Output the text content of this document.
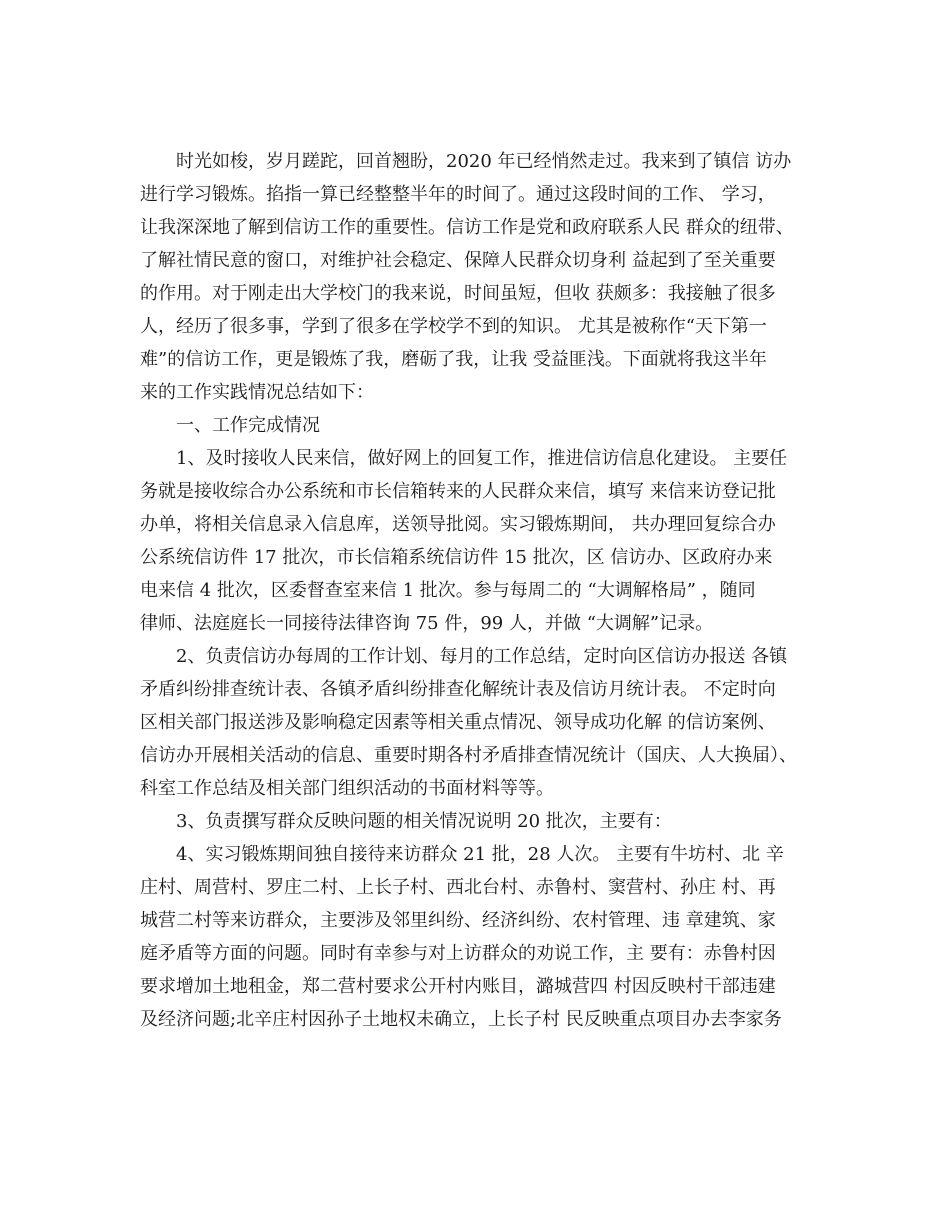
时光如梭，岁月蹉跎，回首翘盼，2020 年已经悄然走过。我来到了镇信 访办
进行学习锻炼。掐指一算已经整整半年的时间了。通过这段时间的工作、 学习，
让我深深地了解到信访工作的重要性。信访工作是党和政府联系人民 群众的纽带、
了解社情民意的窗口，对维护社会稳定、保障人民群众切身利 益起到了至关重要
的作用。对于刚走出大学校门的我来说，时间虽短，但收 获颇多：我接触了很多
人，经历了很多事，学到了很多在学校学不到的知识。 尤其是被称作“天下第一
难”的信访工作，更是锻炼了我，磨砺了我，让我 受益匪浅。下面就将我这半年
来的工作实践情况总结如下：
一、工作完成情况
1、及时接收人民来信，做好网上的回复工作，推进信访信息化建设。 主要任
务就是接收综合办公系统和市长信箱转来的人民群众来信，填写 来信来访登记批
办单，将相关信息录入信息库，送领导批阅。实习锻炼期间， 共办理回复综合办
公系统信访件 17 批次，市长信箱系统信访件 15 批次，区 信访办、区政府办来
电来信 4 批次，区委督查室来信 1 批次。参与每周二的 “大调解格局” ，随同
律师、法庭庭长一同接待法律咨询 75 件，99 人，并做 “大调解”记录。
2、负责信访办每周的工作计划、每月的工作总结，定时向区信访办报送 各镇
矛盾纠纷排查统计表、各镇矛盾纠纷排查化解统计表及信访月统计表。 不定时向
区相关部门报送涉及影响稳定因素等相关重点情况、领导成功化解 的信访案例、
信访办开展相关活动的信息、重要时期各村矛盾排查情况统计（国庆、人大换届）、
科室工作总结及相关部门组织活动的书面材料等等。
3、负责撰写群众反映问题的相关情况说明 20 批次，主要有：
4、实习锻炼期间独自接待来访群众 21 批，28 人次。 主要有牛坊村、北 辛
庄村、周营村、罗庄二村、上长子村、西北台村、赤鲁村、窦营村、孙庄 村、再
城营二村等来访群众，主要涉及邻里纠纷、经济纠纷、农村管理、违 章建筑、家
庭矛盾等方面的问题。同时有幸参与对上访群众的劝说工作，主 要有：赤鲁村因
要求增加土地租金，郑二营村要求公开村内账目，潞城营四 村因反映村干部违建
及经济问题;北辛庄村因孙子土地权未确立，上长子村 民反映重点项目办去李家务
